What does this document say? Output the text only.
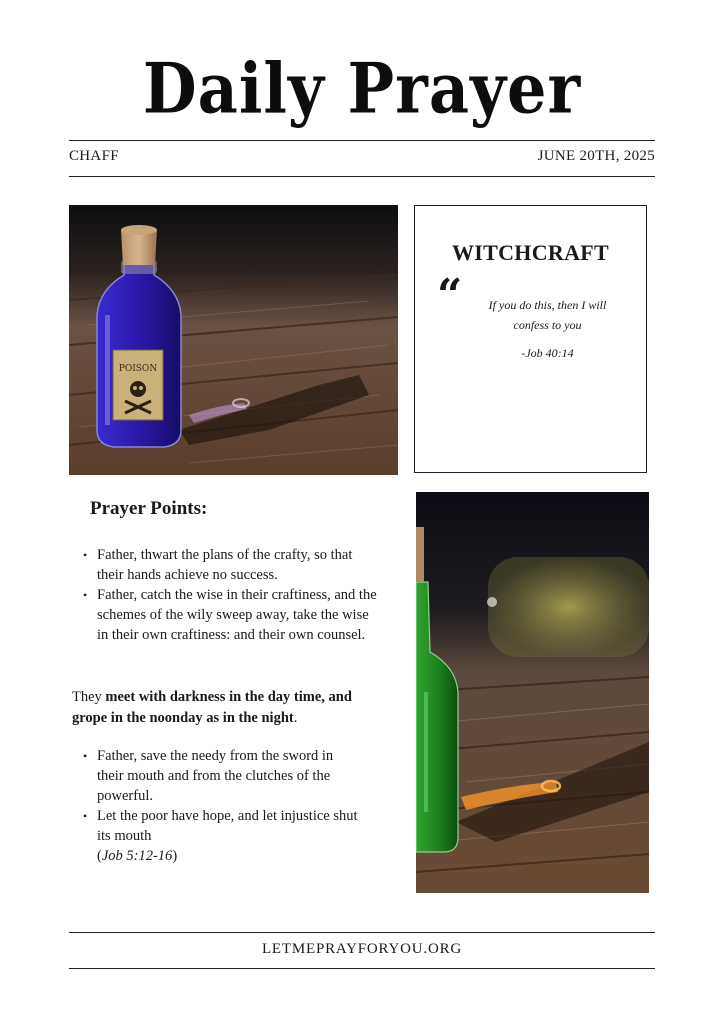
Daily Prayer
CHAFF	JUNE 20TH, 2025
POISON
WITCHCRAFT
“	If you do this, then I will confess to you
-Job 40:14
Prayer Points:
• Father, thwart the plans of the crafty, so that their hands achieve no success.
• Father, catch the wise in their craftiness, and the schemes of the wily sweep away, take the wise in their own craftiness: and their own counsel.
They meet with darkness in the day time, and grope in the noonday as in the night.
• Father, save the needy from the sword in their mouth and from the clutches of the powerful.
• Let the poor have hope, and let injustice shut its mouth
(Job 5:12-16)
LETMEPRAYFORYOU.ORG
